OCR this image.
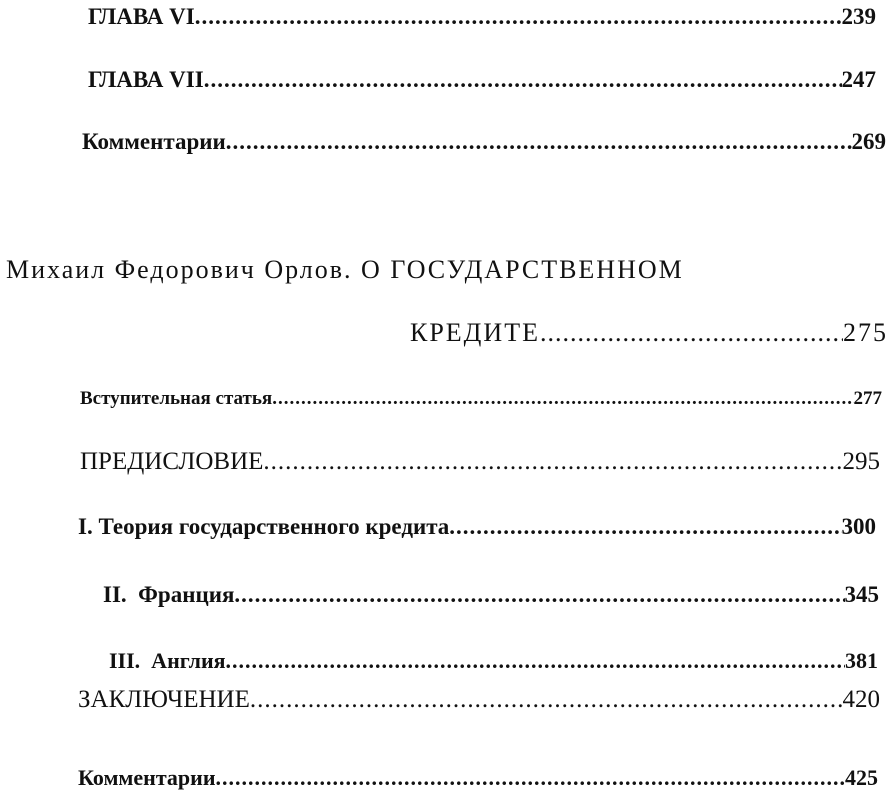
ГЛАВА VI .....	239
ГЛАВА VII .....	247
Комментарии .....	269
Михаил Федорович Орлов. О ГОСУДАРСТВЕННОМ
КРЕДИТЕ .....	275
Вступительная статья .....	277
ПРЕДИСЛОВИЕ .....	295
I. Теория государственного кредита .....	300
II.  Франция .....	345
III.  Англия .....	381
ЗАКЛЮЧЕНИЕ .....	420
Комментарии .....	425
